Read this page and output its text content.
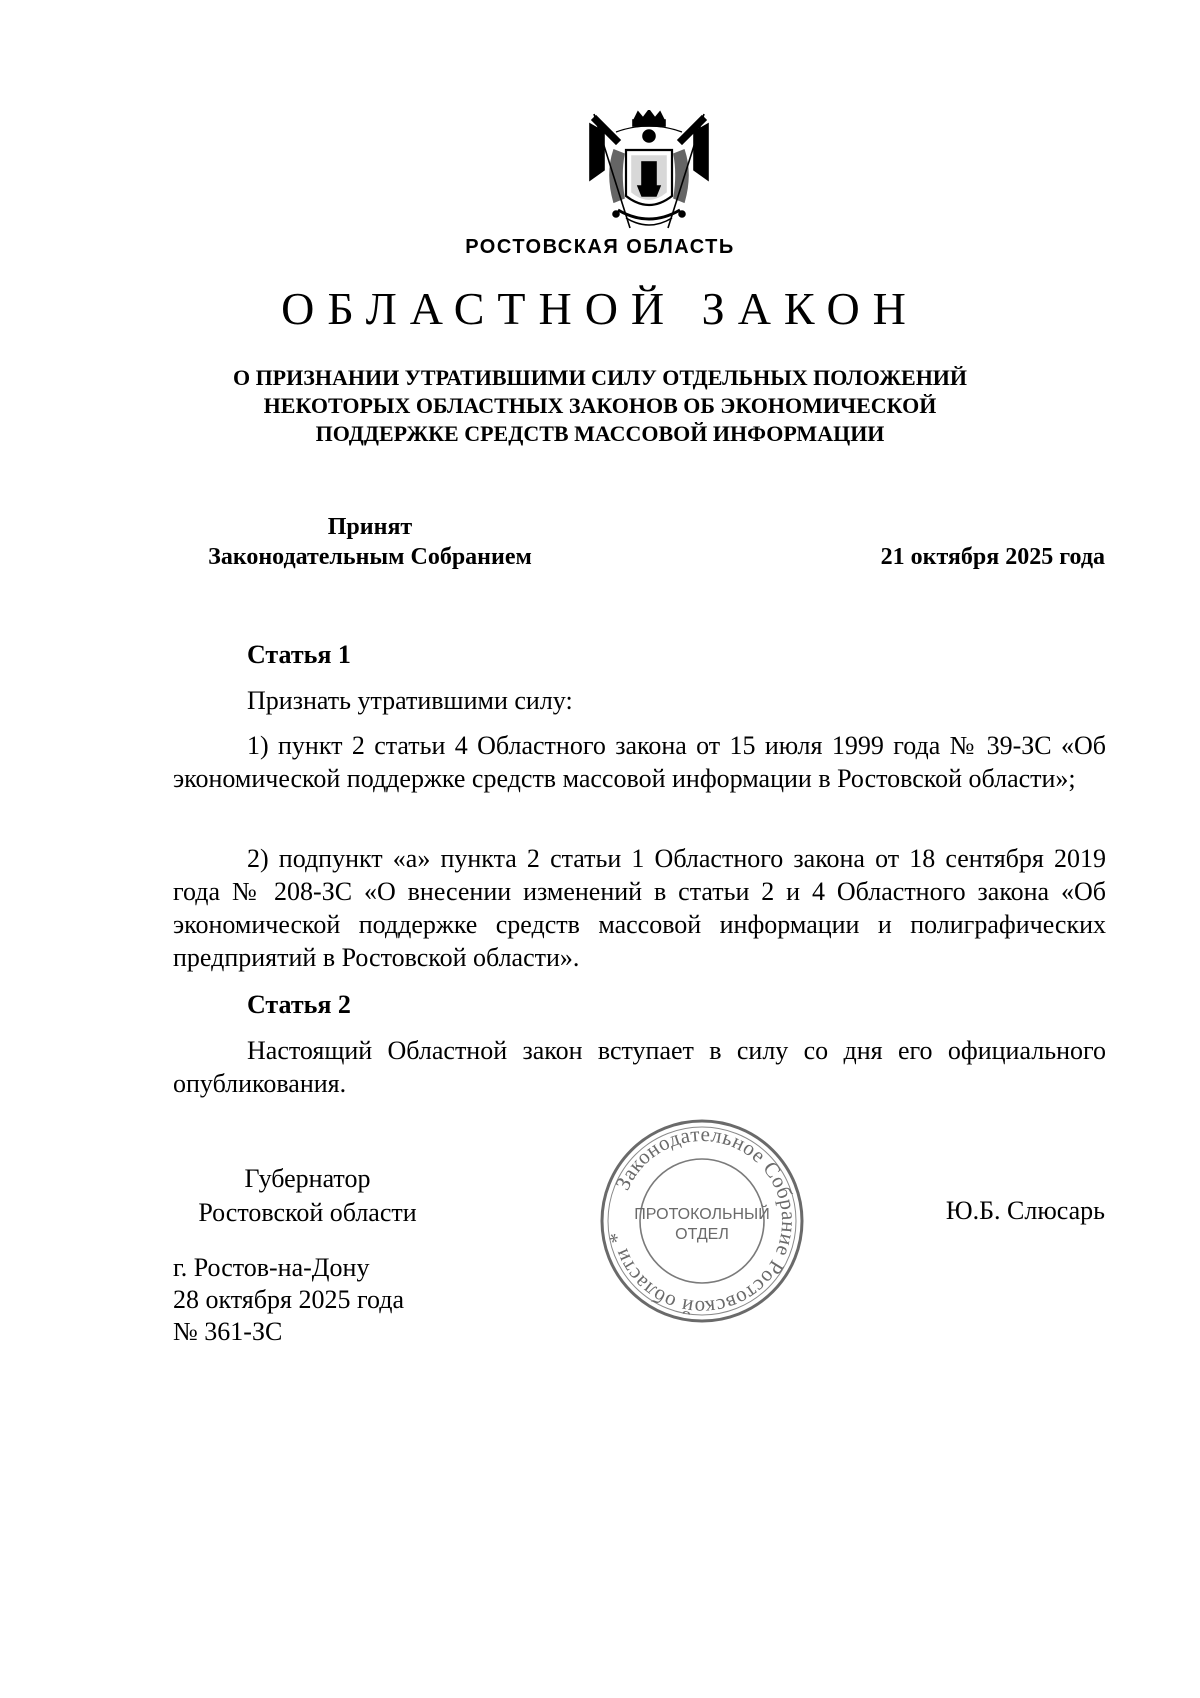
РОСТОВСКАЯ ОБЛАСТЬ
ОБЛАСТНОЙ ЗАКОН
О ПРИЗНАНИИ УТРАТИВШИМИ СИЛУ ОТДЕЛЬНЫХ ПОЛОЖЕНИЙ
НЕКОТОРЫХ ОБЛАСТНЫХ ЗАКОНОВ ОБ ЭКОНОМИЧЕСКОЙ
ПОДДЕРЖКЕ СРЕДСТВ МАССОВОЙ ИНФОРМАЦИИ
Принят
Законодательным Собранием	21 октября 2025 года
Статья 1
Признать утратившими силу:
1) пункт 2 статьи 4 Областного закона от 15 июля 1999 года № 39-ЗС «Об экономической поддержке средств массовой информации в Ростовской области»;
2) подпункт «а» пункта 2 статьи 1 Областного закона от 18 сентября 2019 года № 208-ЗС «О внесении изменений в статьи 2 и 4 Областного закона «Об экономической поддержке средств массовой информации и полиграфических предприятий в Ростовской области».
Статья 2
Настоящий Областной закон вступает в силу со дня его официального опубликования.
Губернатор
Ростовской области	Ю.Б. Слюсарь
г. Ростов-на-Дону
28 октября 2025 года
№ 361-ЗС
Законодательное Собрание Ростовской области *
ПРОТОКОЛЬНЫЙ
ОТДЕЛ
